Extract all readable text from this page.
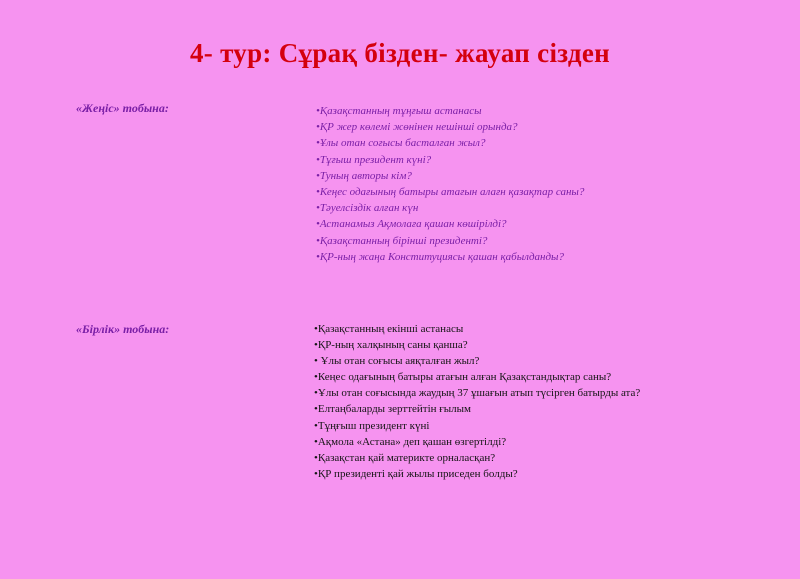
4- тур: Сұрақ бізден- жауап сізден
«Жеңіс» тобына:	•Қазақстанның тұңғыш астанасы
•ҚР жер көлемі жөнінен нешінші орында?
•Ұлы отан соғысы басталған жыл?
•Тұғыш президент күні?
•Туның авторы кім?
•Кеңес одағының батыры атағын алағн қазақтар саны?
•Тәуелсіздік алған күн
•Астанамыз Ақмолаға қашан көшірілді?
•Қазақстанның бірінші президенті?
•ҚР-ның жаңа Конституциясы қашан қабылданды?
«Бірлік» тобына:	•Қазақстанның екінші астанасы
•ҚР-ның халқының саны қанша?
• Ұлы отан соғысы аяқталған жыл?
•Кеңес одағының батыры атағын алған Қазақстандықтар саны?
•Ұлы отан соғысында жаудың 37 ұшағын атып түсірген батырды ата?
•Елтаңбаларды зерттейтін ғылым
•Тұңғыш президент күні
•Ақмола «Астана» деп қашан өзгертілді?
•Қазақстан қай материкте орналасқан?
•ҚР президенті қай жылы приседен болды?
